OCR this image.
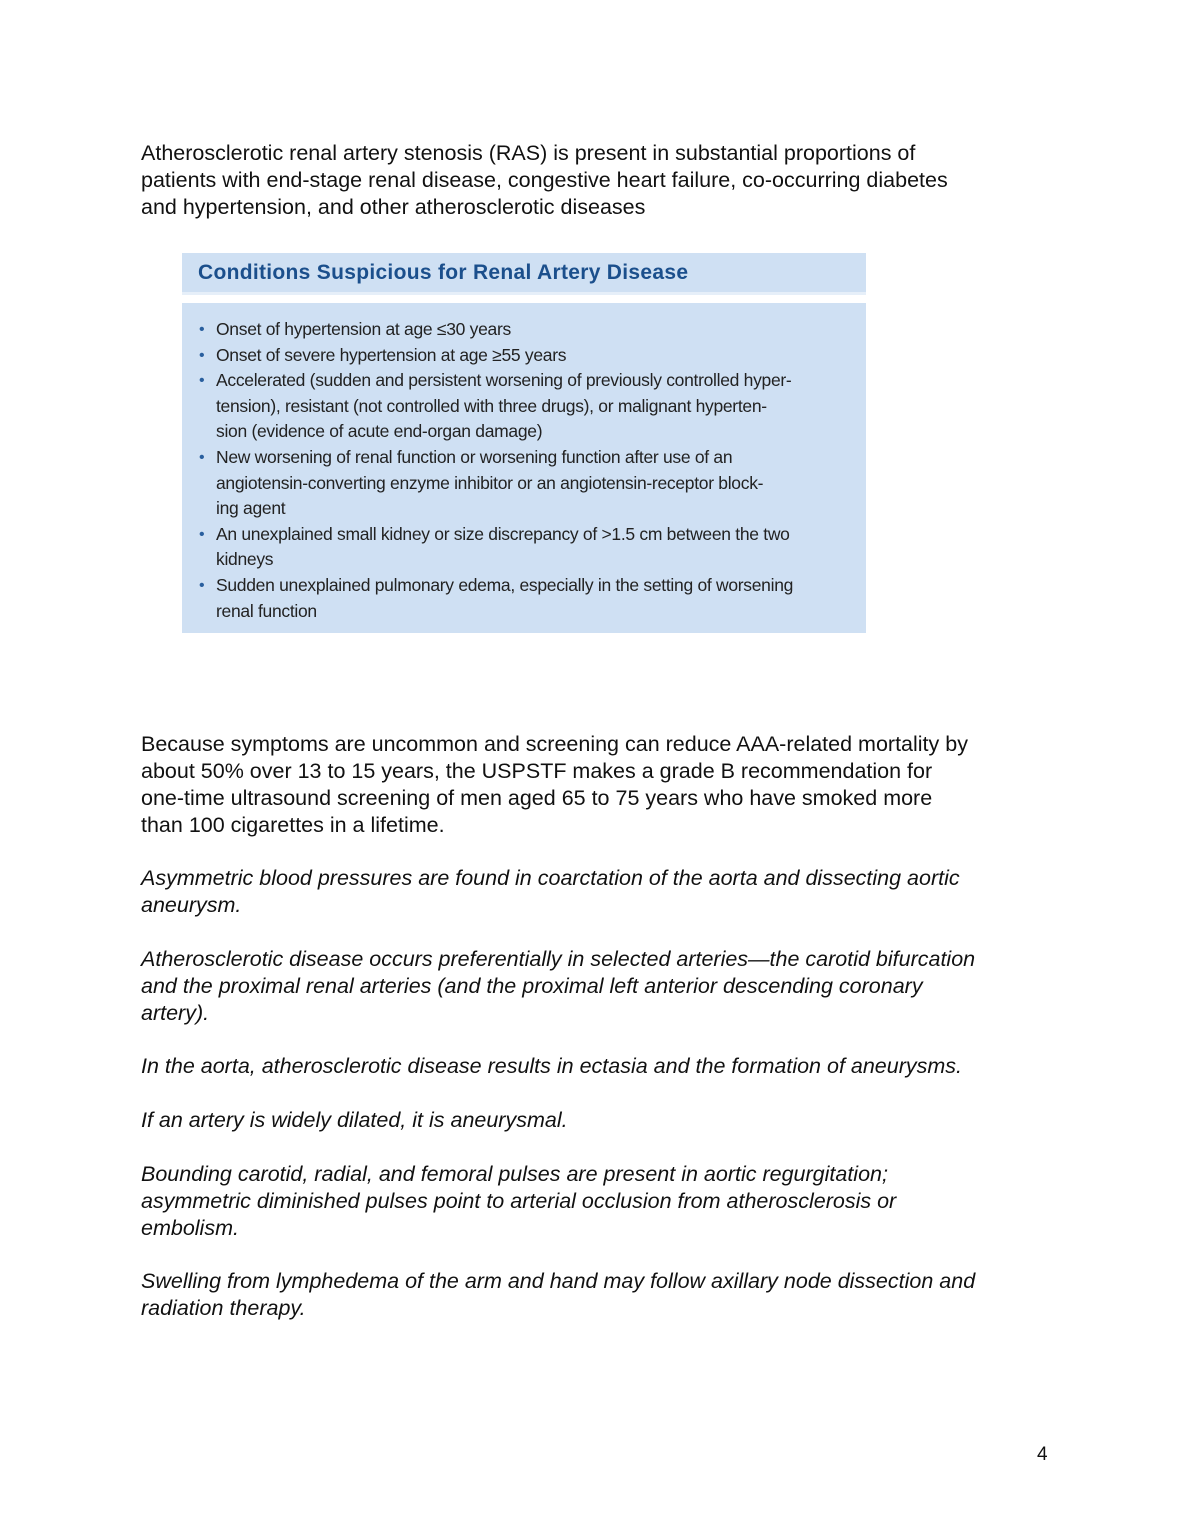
Atherosclerotic renal artery stenosis (RAS) is present in substantial proportions of
patients with end-stage renal disease, congestive heart failure, co-occurring diabetes
and hypertension, and other atherosclerotic diseases

Conditions Suspicious for Renal Artery Disease
• Onset of hypertension at age ≤30 years
• Onset of severe hypertension at age ≥55 years
• Accelerated (sudden and persistent worsening of previously controlled hyper-
tension), resistant (not controlled with three drugs), or malignant hyperten-
sion (evidence of acute end-organ damage)
• New worsening of renal function or worsening function after use of an
angiotensin-converting enzyme inhibitor or an angiotensin-receptor block-
ing agent
• An unexplained small kidney or size discrepancy of >1.5 cm between the two
kidneys
• Sudden unexplained pulmonary edema, especially in the setting of worsening
renal function

Because symptoms are uncommon and screening can reduce AAA-related mortality by
about 50% over 13 to 15 years, the USPSTF makes a grade B recommendation for
one-time ultrasound screening of men aged 65 to 75 years who have smoked more
than 100 cigarettes in a lifetime.

Asymmetric blood pressures are found in coarctation of the aorta and dissecting aortic
aneurysm.

Atherosclerotic disease occurs preferentially in selected arteries—the carotid bifurcation
and the proximal renal arteries (and the proximal left anterior descending coronary
artery).

In the aorta, atherosclerotic disease results in ectasia and the formation of aneurysms.

If an artery is widely dilated, it is aneurysmal.

Bounding carotid, radial, and femoral pulses are present in aortic regurgitation;
asymmetric diminished pulses point to arterial occlusion from atherosclerosis or
embolism.

Swelling from lymphedema of the arm and hand may follow axillary node dissection and
radiation therapy.

4
